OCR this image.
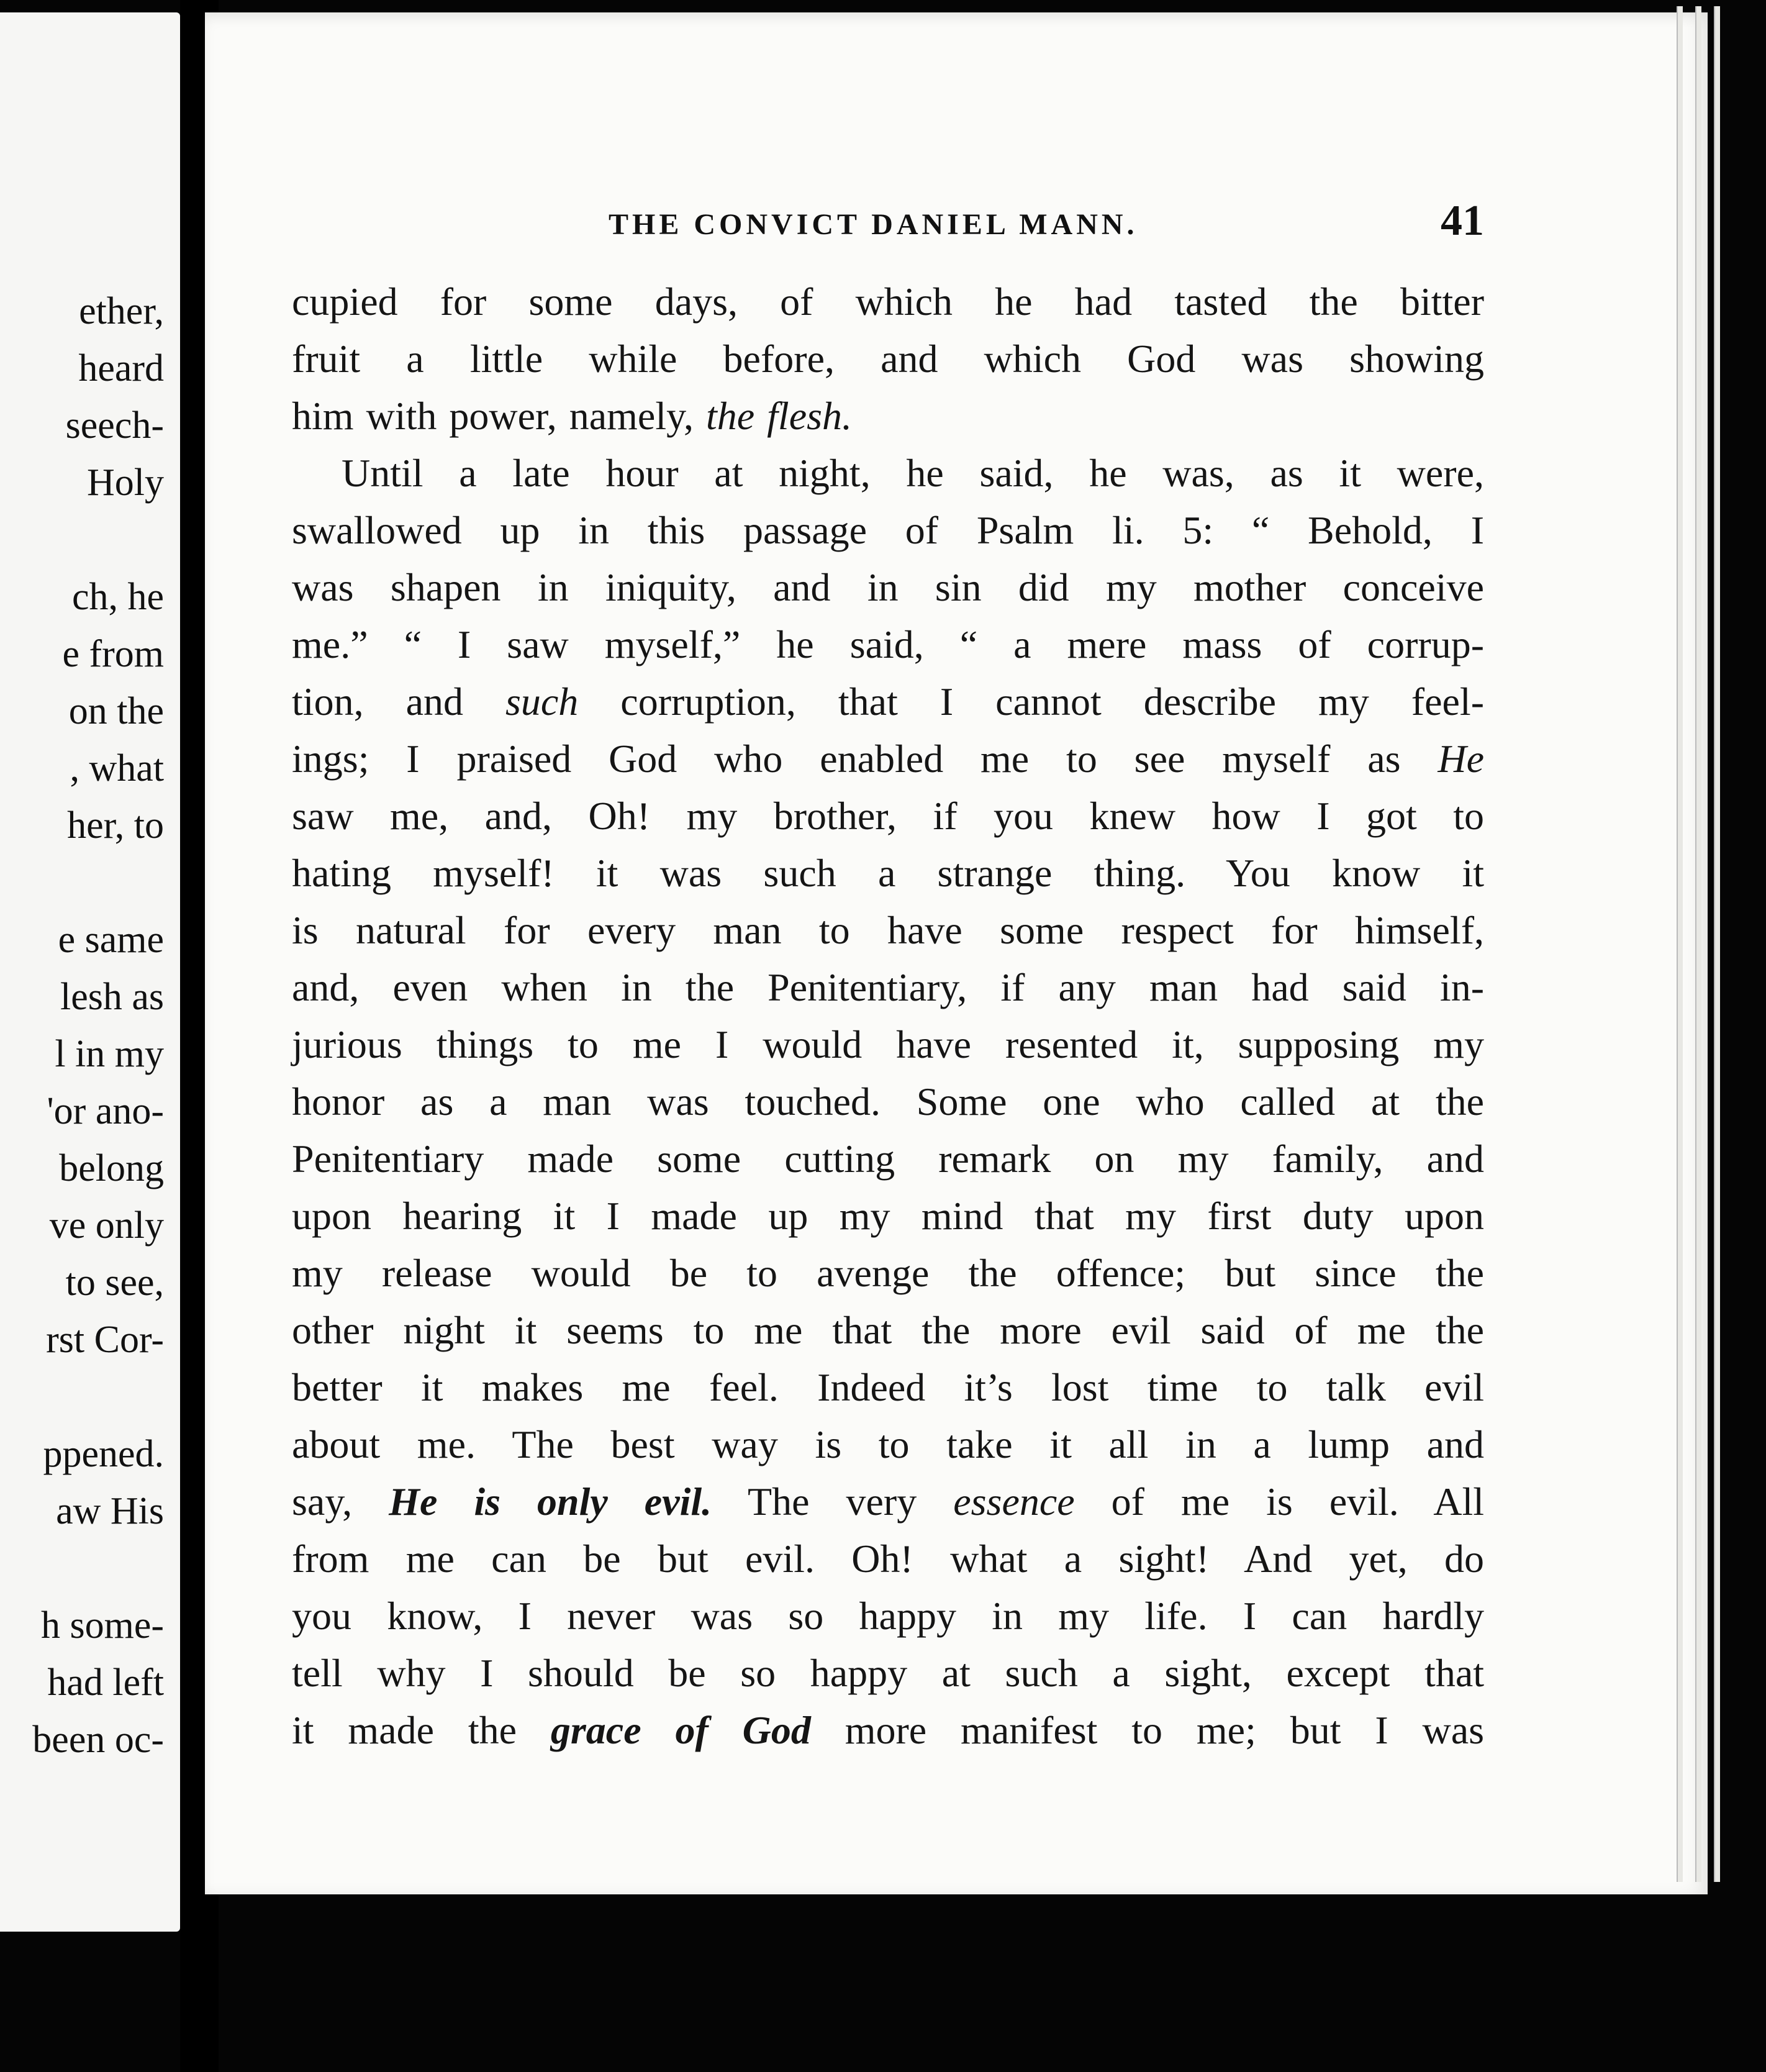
ether,
heard
seech-
Holy
ch, he
e from
on the
, what
her, to
e same
lesh as
l in my
'or ano-
belong
ve only
to see,
rst Cor-
ppened.
aw His
h some-
had left
been oc-
THE CONVICT DANIEL MANN.	41
cupied for some days, of which he had tasted the bitter
fruit a little while before, and which God was showing
him with power, namely, the flesh.
Until a late hour at night, he said, he was, as it were,
swallowed up in this passage of Psalm li. 5: “ Behold, I
was shapen in iniquity, and in sin did my mother conceive
me.” “ I saw myself,” he said, “ a mere mass of corrup-
tion, and such corruption, that I cannot describe my feel-
ings; I praised God who enabled me to see myself as He
saw me, and, Oh! my brother, if you knew how I got to
hating myself! it was such a strange thing. You know it
is natural for every man to have some respect for himself,
and, even when in the Penitentiary, if any man had said in-
jurious things to me I would have resented it, supposing my
honor as a man was touched. Some one who called at the
Penitentiary made some cutting remark on my family, and
upon hearing it I made up my mind that my first duty upon
my release would be to avenge the offence; but since the
other night it seems to me that the more evil said of me the
better it makes me feel. Indeed it’s lost time to talk evil
about me. The best way is to take it all in a lump and
say, He is only evil. The very essence of me is evil. All
from me can be but evil. Oh! what a sight! And yet, do
you know, I never was so happy in my life. I can hardly
tell why I should be so happy at such a sight, except that
it made the grace of God more manifest to me; but I was
